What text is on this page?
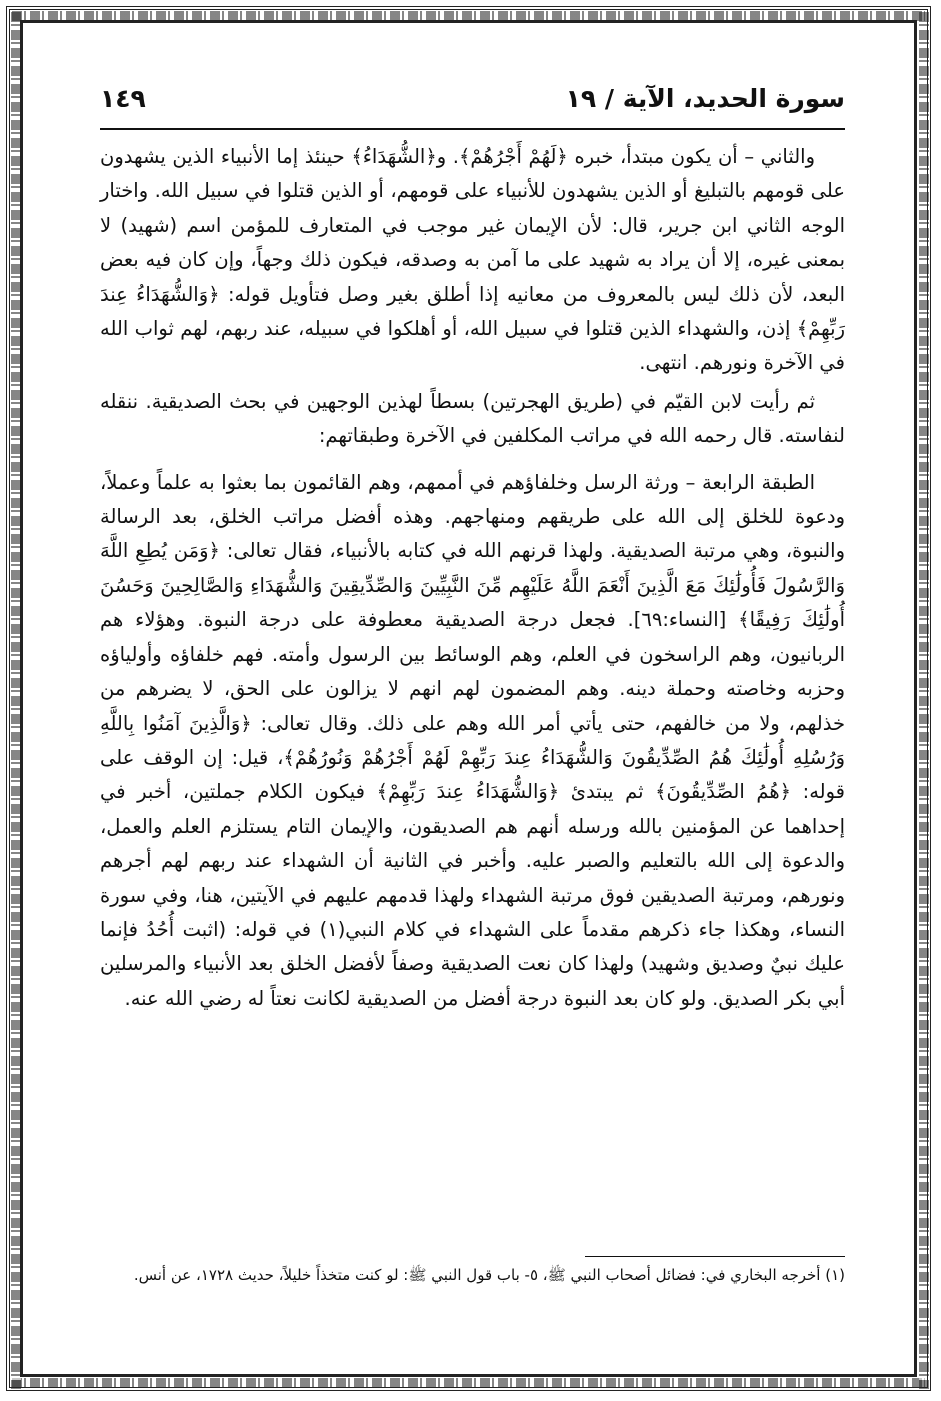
سورة الحديد، الآية / ١٩
١٤٩

والثاني – أن يكون مبتدأ، خبره ﴿لَهُمْ أَجْرُهُمْ﴾. و﴿الشُّهَدَاءُ﴾ حينئذ إما الأنبياء الذين يشهدون على قومهم بالتبليغ أو الذين يشهدون للأنبياء على قومهم، أو الذين قتلوا في سبيل الله. واختار الوجه الثاني ابن جرير، قال: لأن الإيمان غير موجب في المتعارف للمؤمن اسم (شهيد) لا بمعنى غيره، إلا أن يراد به شهيد على ما آمن به وصدقه، فيكون ذلك وجهاً، وإن كان فيه بعض البعد، لأن ذلك ليس بالمعروف من معانيه إذا أطلق بغير وصل فتأويل قوله: ﴿وَالشُّهَدَاءُ عِندَ رَبِّهِمْ﴾ إذن، والشهداء الذين قتلوا في سبيل الله، أو أهلكوا في سبيله، عند ربهم، لهم ثواب الله في الآخرة ونورهم. انتهى.

ثم رأيت لابن القيّم في (طريق الهجرتين) بسطاً لهذين الوجهين في بحث الصديقية. ننقله لنفاسته. قال رحمه الله في مراتب المكلفين في الآخرة وطبقاتهم:

الطبقة الرابعة – ورثة الرسل وخلفاؤهم في أممهم، وهم القائمون بما بعثوا به علماً وعملاً، ودعوة للخلق إلى الله على طريقهم ومنهاجهم. وهذه أفضل مراتب الخلق، بعد الرسالة والنبوة، وهي مرتبة الصديقية. ولهذا قرنهم الله في كتابه بالأنبياء، فقال تعالى: ﴿وَمَن يُطِعِ اللَّهَ وَالرَّسُولَ فَأُولَٰئِكَ مَعَ الَّذِينَ أَنْعَمَ اللَّهُ عَلَيْهِم مِّنَ النَّبِيِّينَ وَالصِّدِّيقِينَ وَالشُّهَدَاءِ وَالصَّالِحِينَ وَحَسُنَ أُولَٰئِكَ رَفِيقًا﴾ [النساء:٦٩]. فجعل درجة الصديقية معطوفة على درجة النبوة. وهؤلاء هم الربانيون، وهم الراسخون في العلم، وهم الوسائط بين الرسول وأمته. فهم خلفاؤه وأولياؤه وحزبه وخاصته وحملة دينه. وهم المضمون لهم انهم لا يزالون على الحق، لا يضرهم من خذلهم، ولا من خالفهم، حتى يأتي أمر الله وهم على ذلك. وقال تعالى: ﴿وَالَّذِينَ آمَنُوا بِاللَّهِ وَرُسُلِهِ أُولَٰئِكَ هُمُ الصِّدِّيقُونَ وَالشُّهَدَاءُ عِندَ رَبِّهِمْ لَهُمْ أَجْرُهُمْ وَنُورُهُمْ﴾، قيل: إن الوقف على قوله: ﴿هُمُ الصِّدِّيقُونَ﴾ ثم يبتدئ ﴿وَالشُّهَدَاءُ عِندَ رَبِّهِمْ﴾ فيكون الكلام جملتين، أخبر في إحداهما عن المؤمنين بالله ورسله أنهم هم الصديقون، والإيمان التام يستلزم العلم والعمل، والدعوة إلى الله بالتعليم والصبر عليه. وأخبر في الثانية أن الشهداء عند ربهم لهم أجرهم ونورهم، ومرتبة الصديقين فوق مرتبة الشهداء ولهذا قدمهم عليهم في الآيتين، هنا، وفي سورة النساء، وهكذا جاء ذكرهم مقدماً على الشهداء في كلام النبي(١) في قوله: (اثبت أُحُدُ فإنما عليك نبيٌ وصديق وشهيد) ولهذا كان نعت الصديقية وصفاً لأفضل الخلق بعد الأنبياء والمرسلين أبي بكر الصديق. ولو كان بعد النبوة درجة أفضل من الصديقية لكانت نعتاً له رضي الله عنه.

(١) أخرجه البخاري في: فضائل أصحاب النبي ﷺ، ٥- باب قول النبي ﷺ: لو كنت متخذاً خليلاً، حديث ١٧٢٨، عن أنس.
